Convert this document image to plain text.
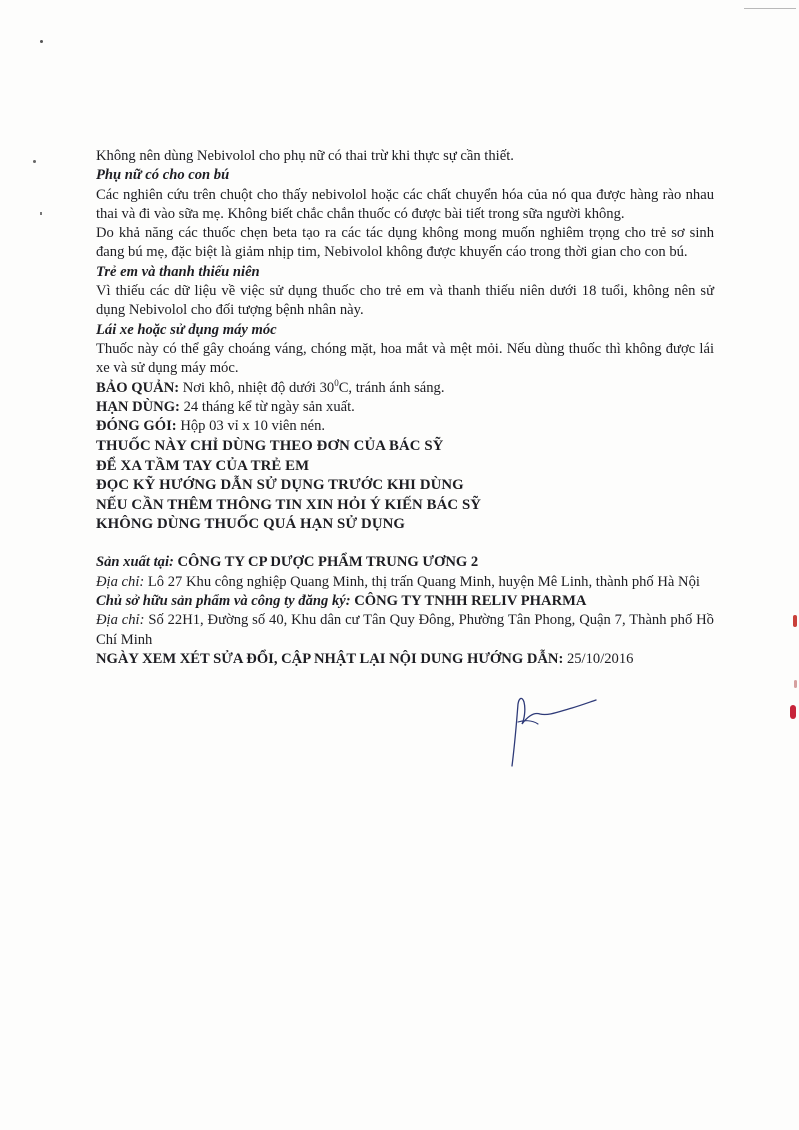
Không nên dùng Nebivolol cho phụ nữ có thai trừ khi thực sự cần thiết.

Phụ nữ có cho con bú

Các nghiên cứu trên chuột cho thấy nebivolol hoặc các chất chuyển hóa của nó qua được hàng rào nhau thai và đi vào sữa mẹ. Không biết chắc chắn thuốc có được bài tiết trong sữa người không.

Do khả năng các thuốc chẹn beta tạo ra các tác dụng không mong muốn nghiêm trọng cho trẻ sơ sinh đang bú mẹ, đặc biệt là giảm nhịp tim, Nebivolol không được khuyến cáo trong thời gian cho con bú.

Trẻ em và thanh thiếu niên

Vì thiếu các dữ liệu về việc sử dụng thuốc cho trẻ em và thanh thiếu niên dưới 18 tuổi, không nên sử dụng Nebivolol cho đối tượng bệnh nhân này.

Lái xe hoặc sử dụng máy móc

Thuốc này có thể gây choáng váng, chóng mặt, hoa mắt và mệt mỏi. Nếu dùng thuốc thì không được lái xe và sử dụng máy móc.

BẢO QUẢN: Nơi khô, nhiệt độ dưới $30^0C$, tránh ánh sáng.

HẠN DÙNG: 24 tháng kể từ ngày sản xuất.

ĐÓNG GÓI: Hộp 03 vỉ x 10 viên nén.

THUỐC NÀY CHỈ DÙNG THEO ĐƠN CỦA BÁC SỸ

ĐỂ XA TẦM TAY CỦA TRẺ EM

ĐỌC KỸ HƯỚNG DẪN SỬ DỤNG TRƯỚC KHI DÙNG

NẾU CẦN THÊM THÔNG TIN XIN HỎI Ý KIẾN BÁC SỸ

KHÔNG DÙNG THUỐC QUÁ HẠN SỬ DỤNG

Sản xuất tại: CÔNG TY CP DƯỢC PHẨM TRUNG ƯƠNG 2

Địa chỉ: Lô 27 Khu công nghiệp Quang Minh, thị trấn Quang Minh, huyện Mê Linh, thành phố Hà Nội

Chủ sở hữu sản phẩm và công ty đăng ký: CÔNG TY TNHH RELIV PHARMA

Địa chỉ: Số 22H1, Đường số 40, Khu dân cư Tân Quy Đông, Phường Tân Phong, Quận 7, Thành phố Hồ Chí Minh

NGÀY XEM XÉT SỬA ĐỔI, CẬP NHẬT LẠI NỘI DUNG HƯỚNG DẪN: 25/10/2016
